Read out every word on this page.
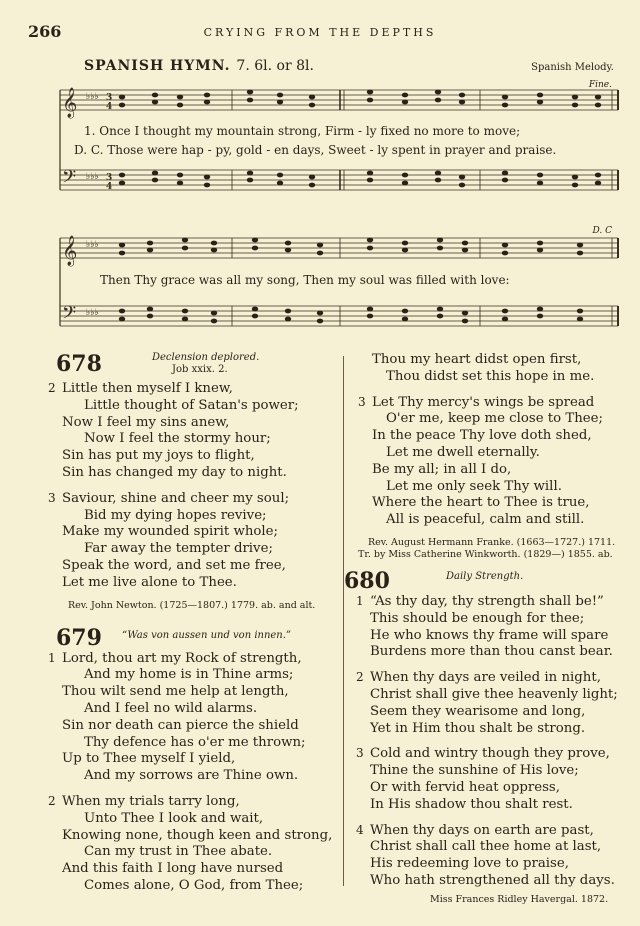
266	CRYING FROM THE DEPTHS
SPANISH HYMN. 7. 6l. or 8l.	Spanish Melody.
Fine.
D. C
𝄞
𝄢
♭♭♭
♭♭♭
3
4
3
4
1. Once I thought my mountain strong, Firm - ly fixed no more to move;
D. C. Those were hap - py, gold - en days, Sweet - ly spent in prayer and praise.
𝄞
𝄢
♭♭♭
♭♭♭
Then Thy grace was all my song, Then my soul was filled with love:
678	Declension deplored.
Job xxix. 2.
2 Little then myself I knew,
Little thought of Satan's power;
Now I feel my sins anew,
Now I feel the stormy hour;
Sin has put my joys to flight,
Sin has changed my day to night.
3 Saviour, shine and cheer my soul;
Bid my dying hopes revive;
Make my wounded spirit whole;
Far away the tempter drive;
Speak the word, and set me free,
Let me live alone to Thee.
Rev. John Newton. (1725—1807.) 1779. ab. and alt.
679 “Was von aussen und von innen.”
1 Lord, thou art my Rock of strength,
And my home is in Thine arms;
Thou wilt send me help at length,
And I feel no wild alarms.
Sin nor death can pierce the shield
Thy defence has o'er me thrown;
Up to Thee myself I yield,
And my sorrows are Thine own.
2 When my trials tarry long,
Unto Thee I look and wait,
Knowing none, though keen and strong,
Can my trust in Thee abate.
And this faith I long have nursed
Comes alone, O God, from Thee;
Thou my heart didst open first,
Thou didst set this hope in me.
3 Let Thy mercy's wings be spread
O'er me, keep me close to Thee;
In the peace Thy love doth shed,
Let me dwell eternally.
Be my all; in all I do,
Let me only seek Thy will.
Where the heart to Thee is true,
All is peaceful, calm and still.
Rev. August Hermann Franke. (1663—1727.) 1711.
Tr. by Miss Catherine Winkworth. (1829—) 1855. ab.
680	Daily Strength.
1 “As thy day, thy strength shall be!”
This should be enough for thee;
He who knows thy frame will spare
Burdens more than thou canst bear.
2 When thy days are veiled in night,
Christ shall give thee heavenly light;
Seem they wearisome and long,
Yet in Him thou shalt be strong.
3 Cold and wintry though they prove,
Thine the sunshine of His love;
Or with fervid heat oppress,
In His shadow thou shalt rest.
4 When thy days on earth are past,
Christ shall call thee home at last,
His redeeming love to praise,
Who hath strengthened all thy days.
Miss Frances Ridley Havergal. 1872.
